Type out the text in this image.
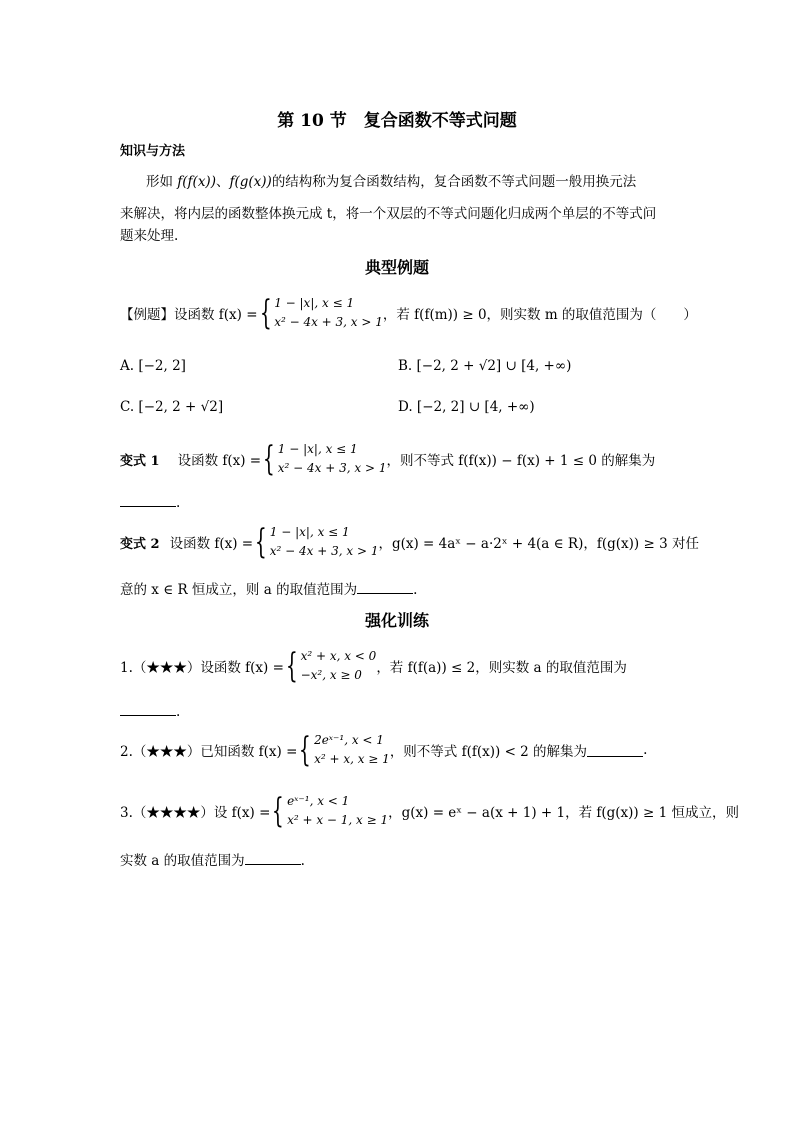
第 10 节　复合函数不等式问题
知识与方法
形如 f(f(x))、f(g(x))的结构称为复合函数结构，复合函数不等式问题一般用换元法
来解决，将内层的函数整体换元成 t，将一个双层的不等式问题化归成两个单层的不等式问
题来处理.
典型例题
【例题】 设函数 f(x) = { 1 − |x|, x ≤ 1
x² − 4x + 3, x > 1 ，若 f(f(m)) ≥ 0，则实数 m 的取值范围为（　　）
A. [−2, 2]	B. [−2, 2 + √2] ∪ [4, +∞)
C. [−2, 2 + √2]	D. [−2, 2] ∪ [4, +∞)
变式 1 设函数 f(x) = { 1 − |x|, x ≤ 1
x² − 4x + 3, x > 1 ，则不等式 f(f(x)) − f(x) + 1 ≤ 0 的解集为
.
变式 2 设函数 f(x) = { 1 − |x|, x ≤ 1
x² − 4x + 3, x > 1 ，g(x) = 4aˣ − a·2ˣ + 4(a ∈ R)，f(g(x)) ≥ 3 对任
意的 x ∈ R 恒成立，则 a 的取值范围为	.
强化训练
1.（★★★）设函数 f(x) = { x² + x, x < 0
−x², x ≥ 0	，若 f(f(a)) ≤ 2，则实数 a 的取值范围为
.
2.（★★★）已知函数 f(x) = { 2eˣ⁻¹, x < 1
x² + x, x ≥ 1 ，则不等式 f(f(x)) < 2 的解集为	.
3.（★★★★）设 f(x) = { eˣ⁻¹, x < 1
x² + x − 1, x ≥ 1 ，g(x) = eˣ − a(x + 1) + 1，若 f(g(x)) ≥ 1 恒成立，则
实数 a 的取值范围为	.
